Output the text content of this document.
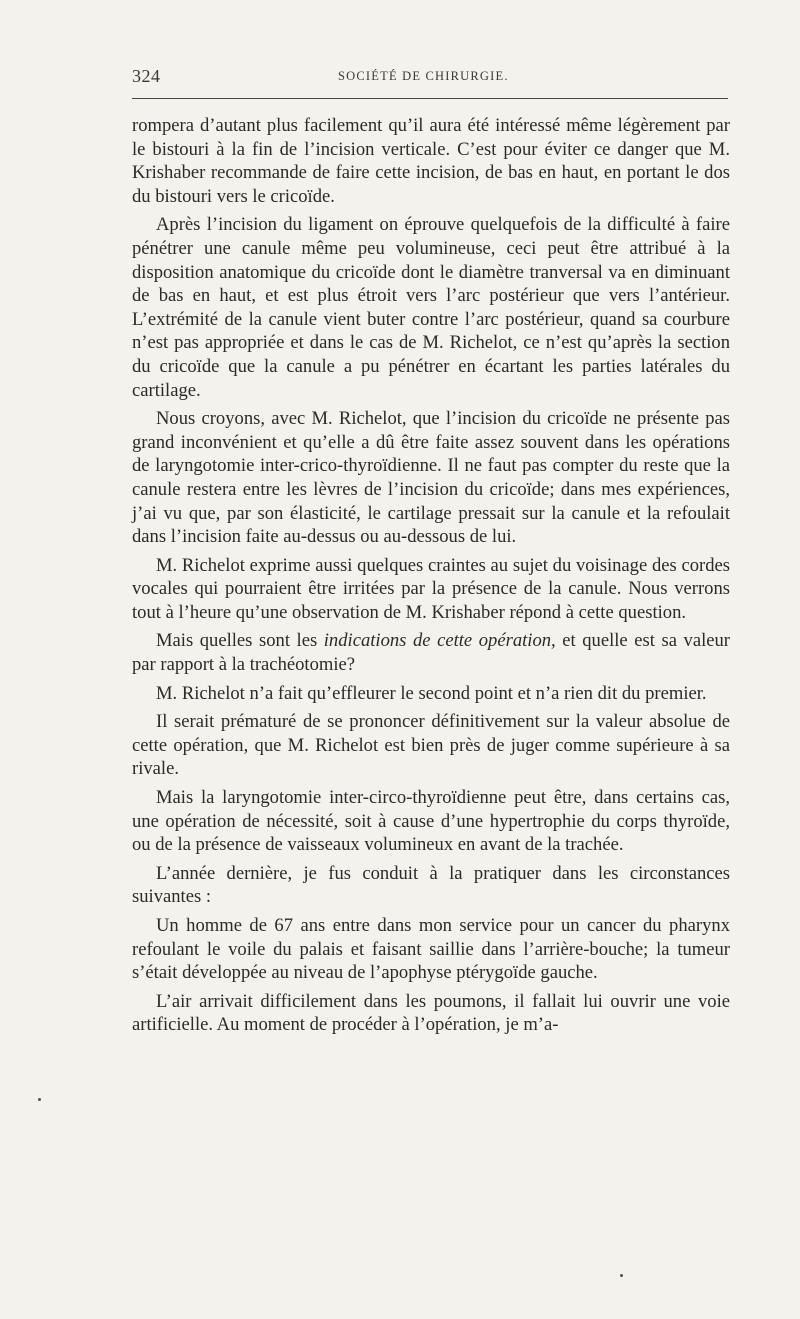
324	SOCIÉTÉ DE CHIRURGIE.

rompera d’autant plus facilement qu’il aura été intéressé même légèrement par le bistouri à la fin de l’incision verticale. C’est pour éviter ce danger que M. Krishaber recommande de faire cette incision, de bas en haut, en portant le dos du bistouri vers le cricoïde.

Après l’incision du ligament on éprouve quelquefois de la difficulté à faire pénétrer une canule même peu volumineuse, ceci peut être attribué à la disposition anatomique du cricoïde dont le diamètre tranversal va en diminuant de bas en haut, et est plus étroit vers l’arc postérieur que vers l’antérieur. L’extrémité de la canule vient buter contre l’arc postérieur, quand sa courbure n’est pas appropriée et dans le cas de M. Richelot, ce n’est qu’après la section du cricoïde que la canule a pu pénétrer en écartant les parties latérales du cartilage.

Nous croyons, avec M. Richelot, que l’incision du cricoïde ne présente pas grand inconvénient et qu’elle a dû être faite assez souvent dans les opérations de laryngotomie inter-crico-thyroïdienne. Il ne faut pas compter du reste que la canule restera entre les lèvres de l’incision du cricoïde; dans mes expériences, j’ai vu que, par son élasticité, le cartilage pressait sur la canule et la refoulait dans l’incision faite au-dessus ou au-dessous de lui.

M. Richelot exprime aussi quelques craintes au sujet du voisinage des cordes vocales qui pourraient être irritées par la présence de la canule. Nous verrons tout à l’heure qu’une observation de M. Krishaber répond à cette question.

Mais quelles sont les indications de cette opération, et quelle est sa valeur par rapport à la trachéotomie?

M. Richelot n’a fait qu’effleurer le second point et n’a rien dit du premier.

Il serait prématuré de se prononcer définitivement sur la valeur absolue de cette opération, que M. Richelot est bien près de juger comme supérieure à sa rivale.

Mais la laryngotomie inter-circo-thyroïdienne peut être, dans certains cas, une opération de nécessité, soit à cause d’une hypertrophie du corps thyroïde, ou de la présence de vaisseaux volumineux en avant de la trachée.

L’année dernière, je fus conduit à la pratiquer dans les circonstances suivantes :

Un homme de 67 ans entre dans mon service pour un cancer du pharynx refoulant le voile du palais et faisant saillie dans l’arrière-bouche; la tumeur s’était développée au niveau de l’apophyse ptérygoïde gauche.

L’air arrivait difficilement dans les poumons, il fallait lui ouvrir une voie artificielle. Au moment de procéder à l’opération, je m’a-
